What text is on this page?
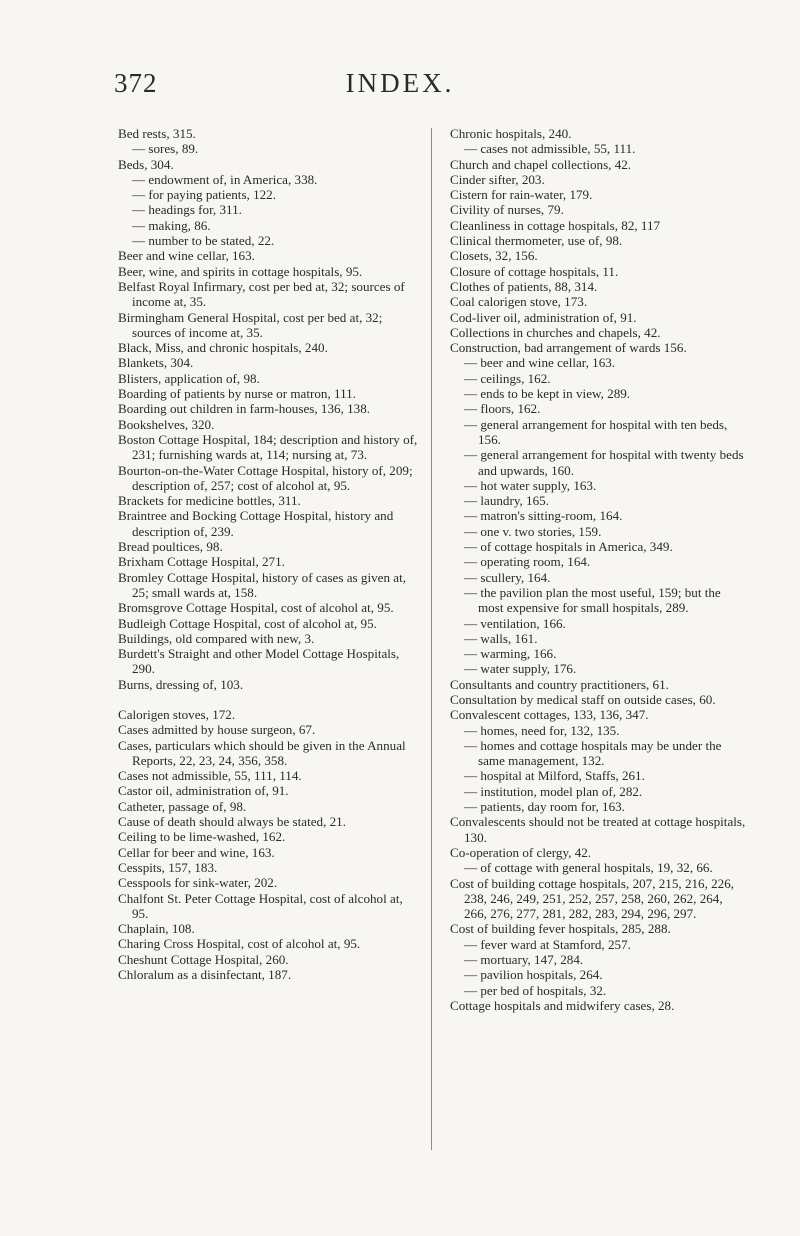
372	INDEX.

Bed rests, 315.

— sores, 89.

Beds, 304.

— endowment of, in America, 338.

— for paying patients, 122.

— headings for, 311.

— making, 86.

— number to be stated, 22.

Beer and wine cellar, 163.

Beer, wine, and spirits in cottage hospitals, 95.

Belfast Royal Infirmary, cost per bed at, 32; sources of income at, 35.

Birmingham General Hospital, cost per bed at, 32; sources of income at, 35.

Black, Miss, and chronic hospitals, 240.

Blankets, 304.

Blisters, application of, 98.

Boarding of patients by nurse or matron, 111.

Boarding out children in farm-houses, 136, 138.

Bookshelves, 320.

Boston Cottage Hospital, 184; description and history of, 231; furnishing wards at, 114; nursing at, 73.

Bourton-on-the-Water Cottage Hospital, history of, 209; description of, 257; cost of alcohol at, 95.

Brackets for medicine bottles, 311.

Braintree and Bocking Cottage Hospital, history and description of, 239.

Bread poultices, 98.

Brixham Cottage Hospital, 271.

Bromley Cottage Hospital, history of cases as given at, 25; small wards at, 158.

Bromsgrove Cottage Hospital, cost of alcohol at, 95.

Budleigh Cottage Hospital, cost of alcohol at, 95.

Buildings, old compared with new, 3.

Burdett's Straight and other Model Cottage Hospitals, 290.

Burns, dressing of, 103.

Calorigen stoves, 172.

Cases admitted by house surgeon, 67.

Cases, particulars which should be given in the Annual Reports, 22, 23, 24, 356, 358.

Cases not admissible, 55, 111, 114.

Castor oil, administration of, 91.

Catheter, passage of, 98.

Cause of death should always be stated, 21.

Ceiling to be lime-washed, 162.

Cellar for beer and wine, 163.

Cesspits, 157, 183.

Cesspools for sink-water, 202.

Chalfont St. Peter Cottage Hospital, cost of alcohol at, 95.

Chaplain, 108.

Charing Cross Hospital, cost of alcohol at, 95.

Cheshunt Cottage Hospital, 260.

Chloralum as a disinfectant, 187.

Chronic hospitals, 240.

— cases not admissible, 55, 111.

Church and chapel collections, 42.

Cinder sifter, 203.

Cistern for rain-water, 179.

Civility of nurses, 79.

Cleanliness in cottage hospitals, 82, 117

Clinical thermometer, use of, 98.

Closets, 32, 156.

Closure of cottage hospitals, 11.

Clothes of patients, 88, 314.

Coal calorigen stove, 173.

Cod-liver oil, administration of, 91.

Collections in churches and chapels, 42.

Construction, bad arrangement of wards 156.

— beer and wine cellar, 163.

— ceilings, 162.

— ends to be kept in view, 289.

— floors, 162.

— general arrangement for hospital with ten beds, 156.

— general arrangement for hospital with twenty beds and upwards, 160.

— hot water supply, 163.

— laundry, 165.

— matron's sitting-room, 164.

— one v. two stories, 159.

— of cottage hospitals in America, 349.

— operating room, 164.

— scullery, 164.

— the pavilion plan the most useful, 159; but the most expensive for small hospitals, 289.

— ventilation, 166.

— walls, 161.

— warming, 166.

— water supply, 176.

Consultants and country practitioners, 61.

Consultation by medical staff on outside cases, 60.

Convalescent cottages, 133, 136, 347.

— homes, need for, 132, 135.

— homes and cottage hospitals may be under the same management, 132.

— hospital at Milford, Staffs, 261.

— institution, model plan of, 282.

— patients, day room for, 163.

Convalescents should not be treated at cottage hospitals, 130.

Co-operation of clergy, 42.

— of cottage with general hospitals, 19, 32, 66.

Cost of building cottage hospitals, 207, 215, 216, 226, 238, 246, 249, 251, 252, 257, 258, 260, 262, 264, 266, 276, 277, 281, 282, 283, 294, 296, 297.

Cost of building fever hospitals, 285, 288.

— fever ward at Stamford, 257.

— mortuary, 147, 284.

— pavilion hospitals, 264.

— per bed of hospitals, 32.

Cottage hospitals and midwifery cases, 28.
